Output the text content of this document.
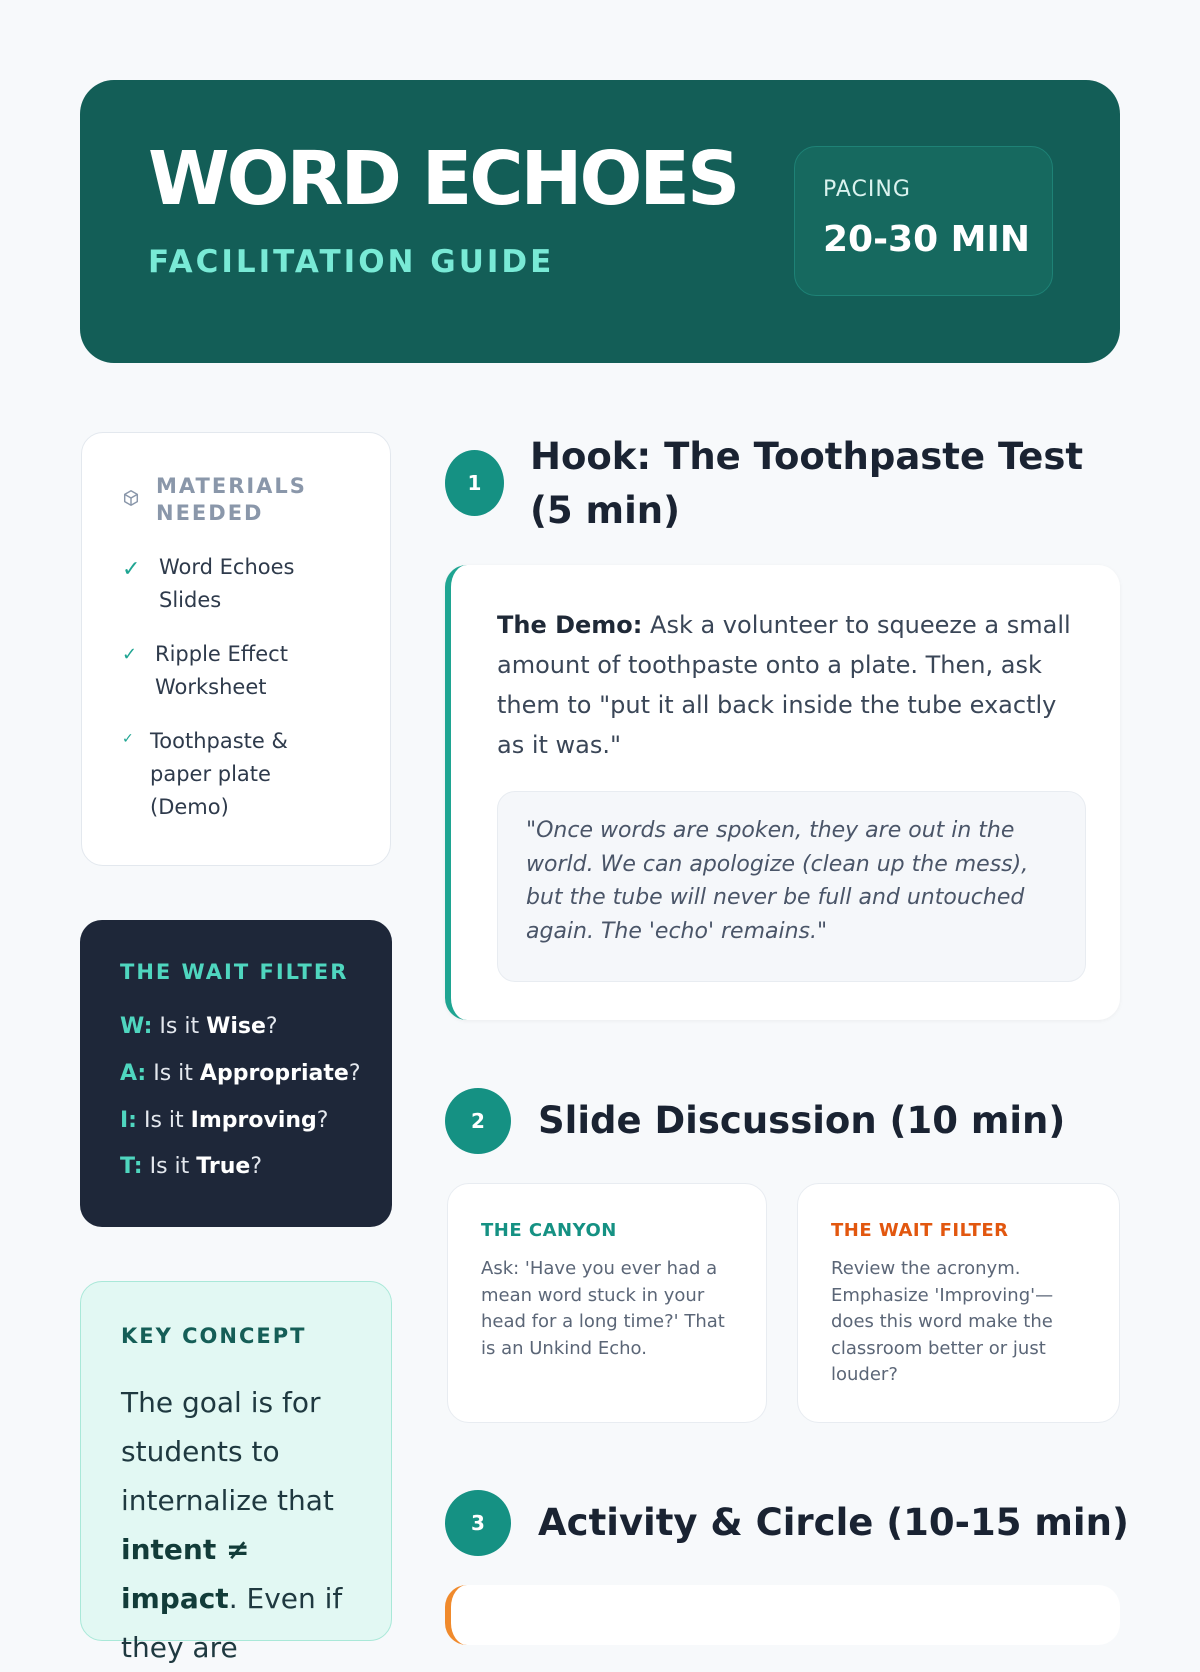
WORD ECHOES
FACILITATION GUIDE
PACING
20-30 MIN
MATERIALS NEEDED
✓ Word Echoes Slides
✓ Ripple Effect Worksheet
✓ Toothpaste & paper plate (Demo)
THE WAIT FILTER
W: Is it Wise?
A: Is it Appropriate?
I: Is it Improving?
T: Is it True?
KEY CONCEPT
The goal is for students to internalize that intent ≠ impact. Even if they are
1
Hook: The Toothpaste Test (5 min)
The Demo: Ask a volunteer to squeeze a small amount of toothpaste onto a plate. Then, ask them to "put it all back inside the tube exactly as it was."
"Once words are spoken, they are out in the world. We can apologize (clean up the mess), but the tube will never be full and untouched again. The 'echo' remains."
2	Slide Discussion (10 min)
THE CANYON
Ask: 'Have you ever had a mean word stuck in your head for a long time?' That is an Unkind Echo.
THE WAIT FILTER
Review the acronym. Emphasize 'Improving'—does this word make the classroom better or just louder?
3	Activity & Circle (10-15 min)
